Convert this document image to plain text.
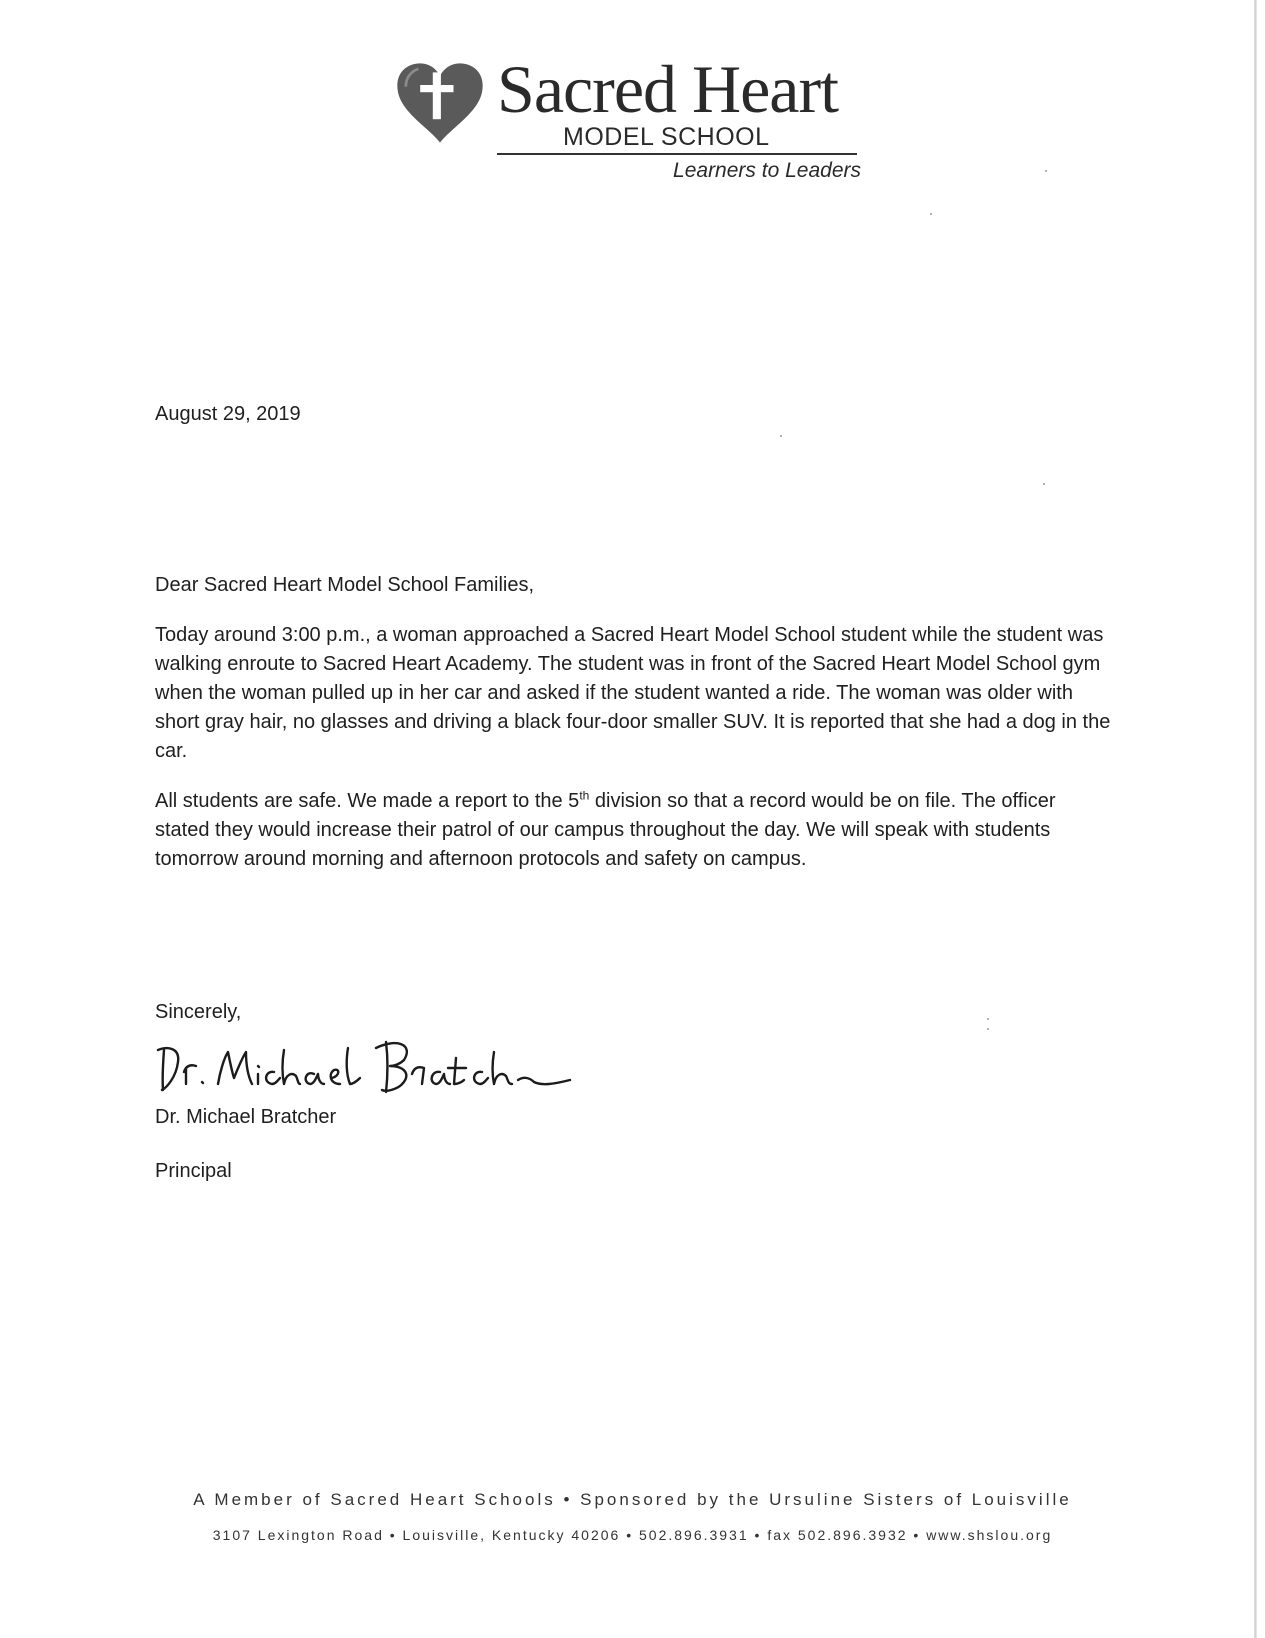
Sacred Heart
MODEL SCHOOL
Learners to Leaders
August 29, 2019
Dear Sacred Heart Model School Families,

Today around 3:00 p.m., a woman approached a Sacred Heart Model School student while the student was walking enroute to Sacred Heart Academy. The student was in front of the Sacred Heart Model School gym when the woman pulled up in her car and asked if the student wanted a ride. The woman was older with short gray hair, no glasses and driving a black four-door smaller SUV. It is reported that she had a dog in the car.

All students are safe. We made a report to the 5th division so that a record would be on file. The officer stated they would increase their patrol of our campus throughout the day. We will speak with students tomorrow around morning and afternoon protocols and safety on campus.

Sincerely,
Dr. Michael Bratcher
Principal
A Member of Sacred Heart Schools • Sponsored by the Ursuline Sisters of Louisville
3107 Lexington Road • Louisville, Kentucky 40206 • 502.896.3931 • fax 502.896.3932 • www.shslou.org
